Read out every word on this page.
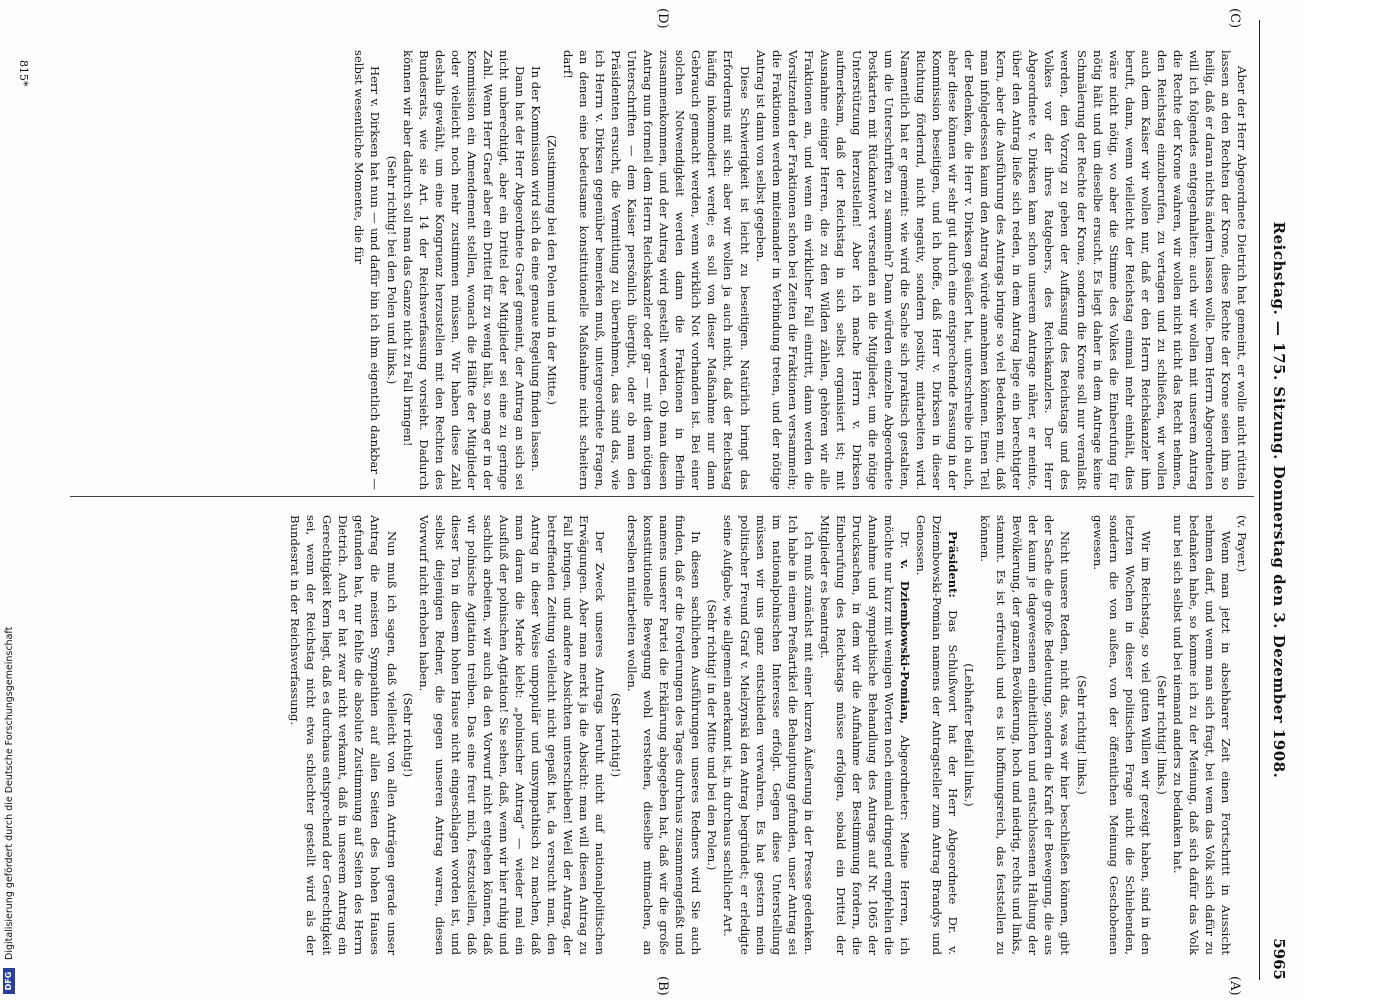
5965
Reichstag. — 175. Sitzung. Donnerstag den 3. Dezember 1908.

(v. Payer.)

Wenn man jetzt in absehbarer Zeit einen Fortschritt in Aussicht nehmen darf, und wenn man sich fragt, bei wem das Volk sich dafür zu bedanken habe, so komme ich zu der Meinung, daß sich dafür das Volk nur bei sich selbst und bei niemand anders zu bedanken hat.

(Sehr richtig! links.)

Wir im Reichstag, so viel guten Willen wir gezeigt haben, sind in den letzten Wochen in dieser politischen Frage nicht die Schiebenden, sondern die von außen, von der öffentlichen Meinung Geschobenen gewesen.

(Sehr richtig! links.)

Nicht unsere Reden, nicht das, was wir hier beschließen können, gibt der Sache die große Bedeutung, sondern die Kraft der Bewegung, die aus der kaum je dagewesenen einheitlichen und entschlossenen Haltung der Bevölkerung, der ganzen Bevölkerung, hoch und niedrig, rechts und links, stammt. Es ist erfreulich und es ist hoffnungsreich, das feststellen zu können.

(Lebhafter Beifall links.)

Präsident: Das Schlußwort hat der Herr Abgeordnete Dr. v. Dziembowski-Pomian namens der Antragsteller zum Antrag Brandys und Genossen.

Dr. v. Dziembowski-Pomian, Abgeordneter: Meine Herren, ich möchte nur kurz mit wenigen Worten noch einmal dringend empfehlen die Annahme und sympathische Behandlung des Antrags auf Nr. 1065 der Drucksachen, in dem wir die Aufnahme der Bestimmung fordern, die Einberufung des Reichstags müsse erfolgen, sobald ein Drittel der Mitglieder es beantragt.

Ich muß zunächst mit einer kurzen Äußerung in der Presse gedenken. Ich habe in einem Preßartikel die Behauptung gefunden, unser Antrag sei im nationalpolnischen Interesse erfolgt. Gegen diese Unterstellung müssen wir uns ganz entschieden verwahren. Es hat gestern mein politischer Freund Graf v. Mielzynski den Antrag begründet; er erledigte seine Aufgabe, wie allgemein anerkannt ist, in durchaus sachlicher Art.

(Sehr richtig! in der Mitte und bei den Polen.)

In diesen sachlichen Ausführungen unseres Redners wird Sie auch finden, daß er die Forderungen des Tages durchaus zusammengefaßt und namens unserer Partei die Erklärung abgegeben hat, daß wir die große konstitutionelle Bewegung wohl verstehen, dieselbe mitmachen, an derselben mitarbeiten wollen.

(Sehr richtig!)

Der Zweck unseres Antrags beruht nicht auf nationalpolitischen Erwägungen. Aber man merkt ja die Absicht: man will diesen Antrag zu Fall bringen, und andere Absichten unterschieben! Weil der Antrag, der betreffenden Zeitung vielleicht nicht gepaßt hat, da versucht man, den Antrag in dieser Weise unpopulär und unsympathisch zu machen, daß man daran die Marke klebt: „polnischer Antrag“ — wieder mal ein Ausfluß der polnischen Agitation! Sie sehen, daß, wenn wir hier ruhig und sachlich arbeiten, wir auch da den Vorwurf nicht entgehen können, daß wir polnische Agitation treiben. Das eine freut mich, festzustellen, daß dieser Ton in diesem hohen Hause nicht eingeschlagen worden ist, und selbst diejenigen Redner, die gegen unseren Antrag waren, diesen Vorwurf nicht erhoben haben.

(Sehr richtig!)

Nun muß ich sagen, daß vielleicht von allen Anträgen gerade unser Antrag die meisten Sympathien auf allen Seiten des hohen Hauses gefunden hat, nur fehlte die absolute Zustimmung auf Seiten des Herrn Dietrich. Auch er hat zwar nicht verkannt, daß in unserem Antrag ein Gerechtigkeit Kern liegt, daß es durchaus entsprechend der Gerechtigkeit sei, wenn der Reichstag nicht etwa schlechter gestellt wird als der Bundesrat in der Reichsverfassung.

Aber der Herr Abgeordnete Dietrich hat gemeint, er wolle nicht rütteln lassen an den Rechten der Krone, diese Rechte der Krone seien ihm so heilig, daß er daran nichts ändern lassen wolle. Dem Herrn Abgeordneten will ich folgendes entgegenhalten: auch wir wollen mit unserem Antrag die Rechte der Krone wahren, wir wollen nicht nicht das Recht nehmen, den Reichstag einzuberufen, zu vertagen und zu schließen, wir wollen auch dem Kaiser wir wollen nur, daß er den Herrn Reichskanzler ihm beruft, dann, wenn vielleicht der Reichstag einmal mehr einhält, dies wäre nicht nötig, wo aber die Stimme des Volkes die Einberufung für nötig hält und um dieselbe ersucht. Es liegt daher in dem Antrage keine Schmälerung der Rechte der Krone, sondern die Krone soll nur veranlaßt werden, den Vorzug zu geben der Auffassung des Reichstags und des Volkes vor der ihres Ratgebers, des Reichskanzlers. Der Herr Abgeordnete v. Dirksen kam schon unserem Antrage näher, er meinte, über den Antrag ließe sich reden, in dem Antrag liege ein berechtigter Kern, aber die Ausführung des Antrags bringe so viel Bedenken mit, daß man infolgedessen kaum den Antrag würde annehmen können. Einen Teil der Bedenken, die Herr v. Dirksen geäußert hat, unterschreibe ich auch, aber diese können wir sehr gut durch eine entsprechende Fassung in der Kommission beseitigen, und ich hoffe, daß Herr v. Dirksen in dieser Richtung fördernd, nicht negativ, sondern positiv, mitarbeiten wird. Namentlich hat er gemeint: wie wird die Sache sich praktisch gestalten, um die Unterschriften zu sammeln? Dann würden einzelne Abgeordnete Postkarten mit Rückantwort versenden an die Mitglieder, um die nötige Unterstützung herzustellen! Aber ich mache Herrn v. Dirksen aufmerksam, daß der Reichstag in sich selbst organisiert ist; mit Ausnahme einiger Herren, die zu den Wilden zählen, gehören wir alle Fraktionen an, und wenn ein wirklicher Fall eintritt, dann werden die Vorsitzenden der Fraktionen schon bei Zeiten die Fraktionen versammeln; die Fraktionen werden miteinander in Verbindung treten, und der nötige Antrag ist dann von selbst gegeben.

Diese Schwierigkeit ist leicht zu beseitigen. Natürlich bringt das Erfordernis mit sich: aber wir wollen ja auch nicht, daß der Reichstag häufig inkommodiert werde; es soll von dieser Maßnahme nur dann Gebrauch gemacht werden, wenn wirklich Not vorhanden ist. Bei einer solchen Notwendigkeit werden dann die Fraktionen in Berlin zusammenkommen, und der Antrag wird gestellt werden. Ob man diesen Antrag nun formell dem Herrn Reichskanzler oder gar — mit dem nötigen Unterschriften — dem Kaiser persönlich übergibt, oder ob man den Präsidenten ersucht, die Vermittlung zu übernehmen, das sind das, wie ich Herrn v. Dirksen gegenüber bemerken muß, untergeordnete Fragen, an denen eine bedeutsame konstitutionelle Maßnahme nicht scheitern darf!

(Zustimmung bei den Polen und in der Mitte.)

In der Kommission wird sich da eine genaue Regelung finden lassen.

Dann hat der Herr Abgeordnete Graef gemeint, der Antrag an sich sei nicht unberechtigt, aber ein Drittel der Mitglieder sei eine zu geringe Zahl. Wenn Herr Graef aber ein Drittel für zu wenig hält, so mag er in der Kommission ein Amendement stellen, wonach die Hälfte der Mitglieder oder vielleicht noch mehr zustimmen müssen. Wir haben diese Zahl deshalb gewählt, um eine Kongruenz herzustellen mit den Rechten des Bundesrats, wie sie Art. 14 der Reichsverfassung vorsieht. Dadurch können wir aber dadurch soll man das Ganze nicht zu Fall bringen!

(Sehr richtig! bei den Polen und links.)

Herr v. Dirksen hat nun — und dafür bin ich ihm eigentlich dankbar — selbst wesentliche Momente, die für

(A)
(B)
(C)
(D)
815*
DFG
Digitalisierung gefördert durch die Deutsche Forschungsgemeinschaft
